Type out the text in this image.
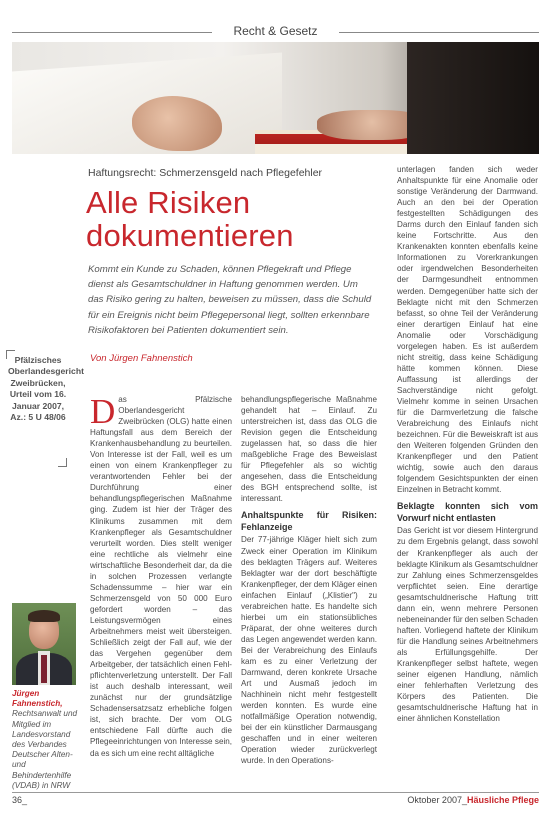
Recht & Gesetz
Haftungsrecht: Schmerzensgeld nach Pflegefehler
Alle Risiken
dokumentieren

Kommt ein Kunde zu Schaden, können Pflegekraft und Pflege dienst als Gesamtschuldner in Haftung genommen werden. Um das Risiko gering zu halten, beweisen zu müssen, dass die Schuld für ein Ereignis nicht beim Pflegepersonal liegt, sollten erkennbare Risikofaktoren bei Patienten dokumentiert sein.

Von Jürgen Fahnenstich
Pfälzisches Oberlandesgericht Zweibrücken, Urteil vom 16. Januar 2007, Az.: 5 U 48/06
Jürgen Fahnenstich,
Rechtsanwalt und Mitglied im Landesvorstand des Verbandes Deutscher Alten- und Behindertenhilfe (VDAB) in NRW
D as Pfälzische Oberlandesgericht Zweibrücken (OLG) hatte einen Haftungsfall aus dem Bereich der Krankenhausbehandlung zu beurteilen. Von Interesse ist der Fall, weil es um einen von einem Krankenpfleger zu verantwortenden Fehler bei der Durchführung einer behandlungspflegerischen Maßnahme ging. Zudem ist hier der Träger des Klinikums zusammen mit dem Krankenpfleger als Gesamtschuldner verurteilt worden. Dies stellt weniger eine rechtliche als vielmehr eine wirtschaftliche Besonderheit dar, da die in solchen Prozessen verlangte Schadenssumme – hier war ein Schmerzensgeld von 50 000 Euro gefordert worden – das Leistungsvermögen eines Arbeitnehmers meist weit übersteigen. Schließlich zeigt der Fall auf, wie der das Vergehen gegenüber dem Arbeitgeber, der tatsächlich einen Fehl- pflichtenverletzung unterstellt. Der Fall ist auch deshalb interessant, weil zunächst nur der grundsätzlige Schadensersatzsatz erhebliche folgen ist, sich brachte. Der vom OLG entschiedene Fall dürfte auch die Pflegeeinrichtungen von Interesse sein, da es sich um eine recht alltägliche

behandlungspflegerische Maßnahme gehandelt hat – Einlauf. Zu unterstreichen ist, dass das OLG die Revision gegen die Entscheidung zugelassen hat, so dass die hier maßgebliche Frage des Beweislast für Pflegefehler als so wichtig angesehen, dass die Entscheidung des BGH entsprechend sollte, ist interessant.

Anhaltspunkte für Risiken: Fehlanzeige

Der 77-jährige Kläger hielt sich zum Zweck einer Operation im Klinikum des beklagten Trägers auf. Weiteres Beklagter war der dort beschäftigte Krankenpfleger, der dem Kläger einen einfachen Einlauf („Klistier") zu verabreichen hatte. Es handelte sich hierbei um ein stationsübliches Präparat, der ohne weiteres durch das Legen angewendet werden kann. Bei der Verabreichung des Einlaufs kam es zu einer Verletzung der Darmwand, deren konkrete Ursache Art und Ausmaß jedoch im Nachhinein nicht mehr festgestellt werden konnten. Es wurde eine notfallmäßige Operation notwendig, bei der ein künstlicher Darmausgang geschaffen und in einer weiteren Operation wieder zurückverlegt wurde. In den Operations-

unterlagen fanden sich weder Anhaltspunkte für eine Anomalie oder sonstige Veränderung der Darmwand. Auch an den bei der Operation festgestellten Schädigungen des Darms durch den Einlauf fanden sich keine Fortschritte. Aus den Krankenakten konnten ebenfalls keine Informationen zu Vorerkrankungen oder irgendwelchen Besonderheiten der Darmgesundheit entnommen werden. Demgegenüber hatte sich der Beklagte nicht mit den Schmerzen befasst, so ohne Teil der Veränderung einer derartigen Einlauf hat eine Anomalie oder Vorschädigung vorgelegen haben. Es ist außerdem nicht streitig, dass keine Schädigung hätte kommen können. Diese Auffassung ist allerdings der Sachverständige nicht gefolgt. Vielmehr komme in seinen Ursachen für die Darmverletzung die falsche Verabreichung des Einlaufs nicht bezeichnen. Für die Beweiskraft ist aus den Weiteren folgenden Gründen den Krankenpfleger und den Patient wichtig, sowie auch den daraus folgendem Gesichtspunkten der einen Einzelnen in Betracht kommt.

Beklagte konnten sich vom Vorwurf nicht entlasten

Das Gericht ist vor diesem Hintergrund zu dem Ergebnis gelangt, dass sowohl der Krankenpfleger als auch der beklagte Klinikum als Gesamtschuldner zur Zahlung eines Schmerzensgeldes verpflichtet seien. Eine derartige gesamtschuldnerische Haftung tritt dann ein, wenn mehrere Personen nebeneinander für den selben Schaden haften. Vorliegend haftete der Klinikum für die Handlung seines Arbeitnehmers als Erfüllungsgehilfe. Der Krankenpfleger selbst haftete, wegen seiner eigenen Handlung, nämlich einer fehlerhaften Verletzung des Körpers des Patienten. Die gesamtschuldnerische Haftung hat in einer ähnlichen Konstellation

36_	Oktober 2007_Häusliche Pflege
